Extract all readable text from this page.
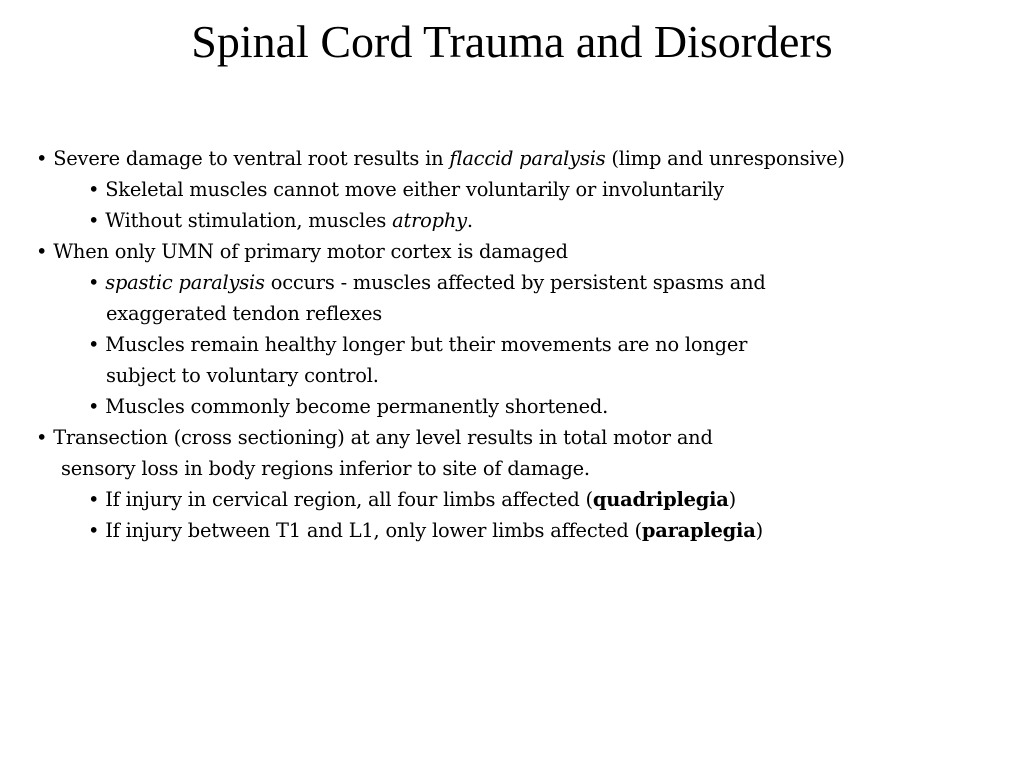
Spinal Cord Trauma and Disorders
• Severe damage to ventral root results in flaccid paralysis (limp and unresponsive)
• Skeletal muscles cannot move either voluntarily or involuntarily
• Without stimulation, muscles atrophy.
• When only UMN of primary motor cortex is damaged
• spastic paralysis occurs - muscles affected by persistent spasms and
exaggerated tendon reflexes
• Muscles remain healthy longer but their movements are no longer
subject to voluntary control.
• Muscles commonly become permanently shortened.
• Transection (cross sectioning) at any level results in total motor and
sensory loss in body regions inferior to site of damage.
• If injury in cervical region, all four limbs affected (quadriplegia)
• If injury between T1 and L1, only lower limbs affected (paraplegia)
